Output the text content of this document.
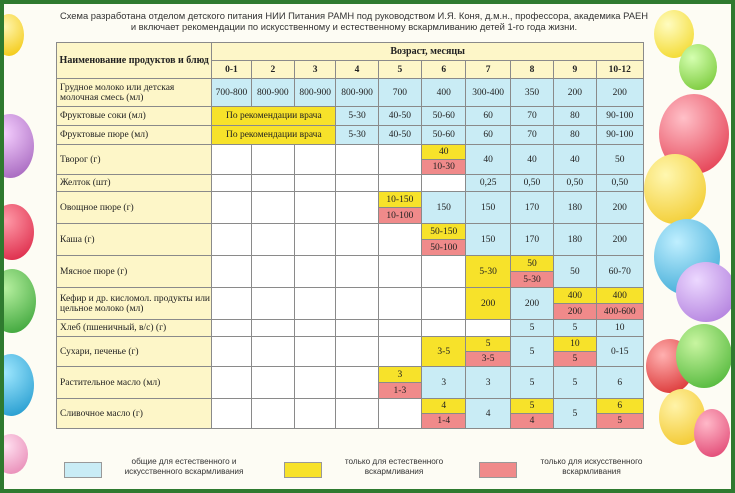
Схема разработана отделом детского питания НИИ Питания РАМН под руководством И.Я. Коня, д.м.н., профессора, академика РАЕН
и включает рекомендации по искусственному и естественному вскармливанию детей 1-го года жизни.
Наименование продуктов и блюд	Возраст, месяцы									
	0-1	2	3	4	5	6	7	8	9	10-12
Грудное молоко или детская молочная смесь (мл)	700-800	800-900	800-900	800-900	700	400	300-400	350	200	200
Фруктовые соки (мл)	По рекомендации врача			5-30	40-50	50-60	60	70	80	90-100
Фруктовые пюре (мл)	По рекомендации врача			5-30	40-50	50-60	60	70	80	90-100
Творог (г)						40	40	40	40	50
						10-30				
Желток (шт)							0,25	0,50	0,50	0,50
Овощное пюре (г)					10-150	150	150	170	180	200
					10-100					
Каша (г)						50-150	150	170	180	200
						50-100				
Мясное пюре (г)							5-30	50	50	60-70
								5-30		
Кефир и др. кисломол. продукты или цельное молоко (мл)							200	200	400	400
									200	400-600
Хлеб (пшеничный, в/с) (г)								5	5	10
Сухари, печенье (г)						3-5	5	5	10	0-15
							3-5		5	
Растительное масло (мл)					3	3	3	5	5	6
					1-3					
Сливочное масло (г)						4	4	5	5	6
						1-4		4		5
общие для естественного и искусственного вскармливания
только для естественного вскармливания
только для искусственного вскармливания
